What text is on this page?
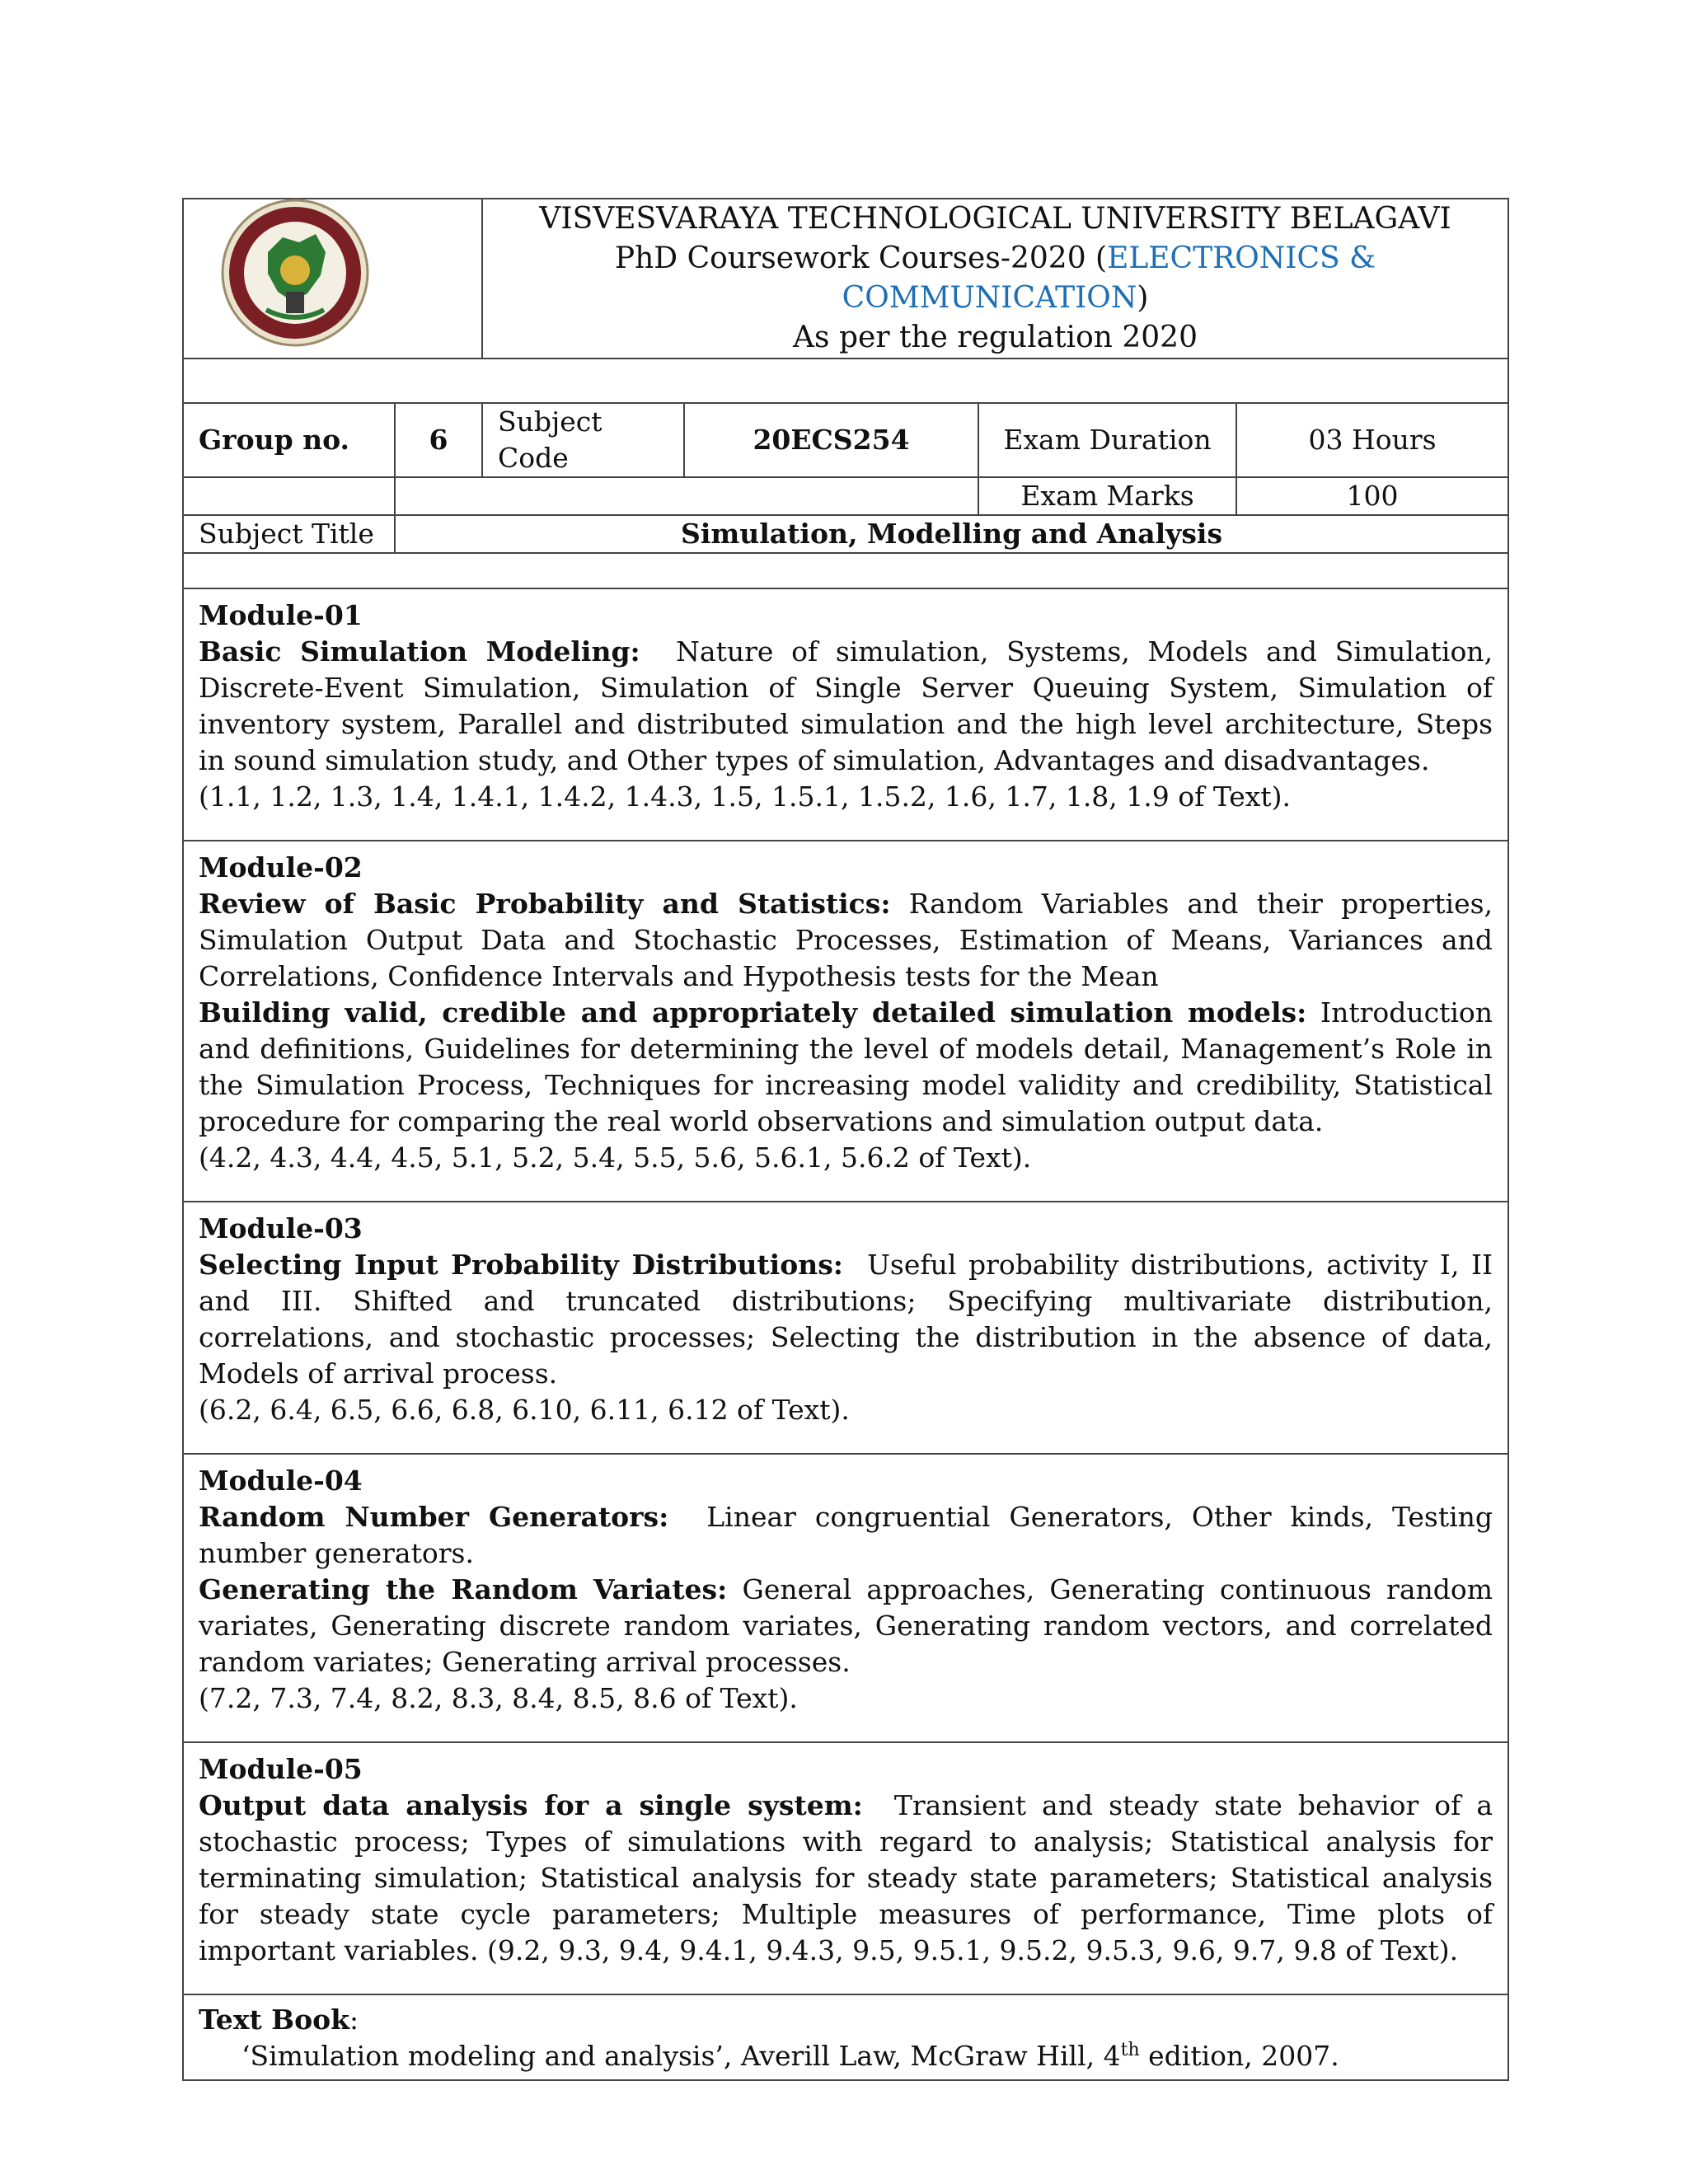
VISVESVARAYA TECHNOLOGICAL UNIVERSITY BELAGAVI
PhD Coursework Courses-2020 (ELECTRONICS & COMMUNICATION)
As per the regulation 2020			

Group no.	6	Subject Code	20ECS254	Exam Duration	03 Hours
				Exam Marks	100
Subject Title	Simulation, Modelling and Analysis				

Module-01
Basic Simulation Modeling: Nature of simulation, Systems, Models and Simulation, Discrete-Event Simulation, Simulation of Single Server Queuing System, Simulation of inventory system, Parallel and distributed simulation and the high level architecture, Steps in sound simulation study, and Other types of simulation, Advantages and disadvantages.
(1.1, 1.2, 1.3, 1.4, 1.4.1, 1.4.2, 1.4.3, 1.5, 1.5.1, 1.5.2, 1.6, 1.7, 1.8, 1.9 of Text).					

Module-02
Review of Basic Probability and Statistics: Random Variables and their properties, Simulation Output Data and Stochastic Processes, Estimation of Means, Variances and Correlations, Confidence Intervals and Hypothesis tests for the Mean
Building valid, credible and appropriately detailed simulation models: Introduction and definitions, Guidelines for determining the level of models detail, Management’s Role in the Simulation Process, Techniques for increasing model validity and credibility, Statistical procedure for comparing the real world observations and simulation output data.
(4.2, 4.3, 4.4, 4.5, 5.1, 5.2, 5.4, 5.5, 5.6, 5.6.1, 5.6.2 of Text).					

Module-03
Selecting Input Probability Distributions: Useful probability distributions, activity I, II and III. Shifted and truncated distributions; Specifying multivariate distribution, correlations, and stochastic processes; Selecting the distribution in the absence of data, Models of arrival process.
(6.2, 6.4, 6.5, 6.6, 6.8, 6.10, 6.11, 6.12 of Text).					

Module-04
Random Number Generators: Linear congruential Generators, Other kinds, Testing number generators.
Generating the Random Variates: General approaches, Generating continuous random variates, Generating discrete random variates, Generating random vectors, and correlated random variates; Generating arrival processes.
(7.2, 7.3, 7.4, 8.2, 8.3, 8.4, 8.5, 8.6 of Text).					

Module-05
Output data analysis for a single system: Transient and steady state behavior of a stochastic process; Types of simulations with regard to analysis; Statistical analysis for terminating simulation; Statistical analysis for steady state parameters; Statistical analysis for steady state cycle parameters; Multiple measures of performance, Time plots of important variables. (9.2, 9.3, 9.4, 9.4.1, 9.4.3, 9.5, 9.5.1, 9.5.2, 9.5.3, 9.6, 9.7, 9.8 of Text).					

Text Book:
‘Simulation modeling and analysis’, Averill Law, McGraw Hill, 4th edition, 2007.					
